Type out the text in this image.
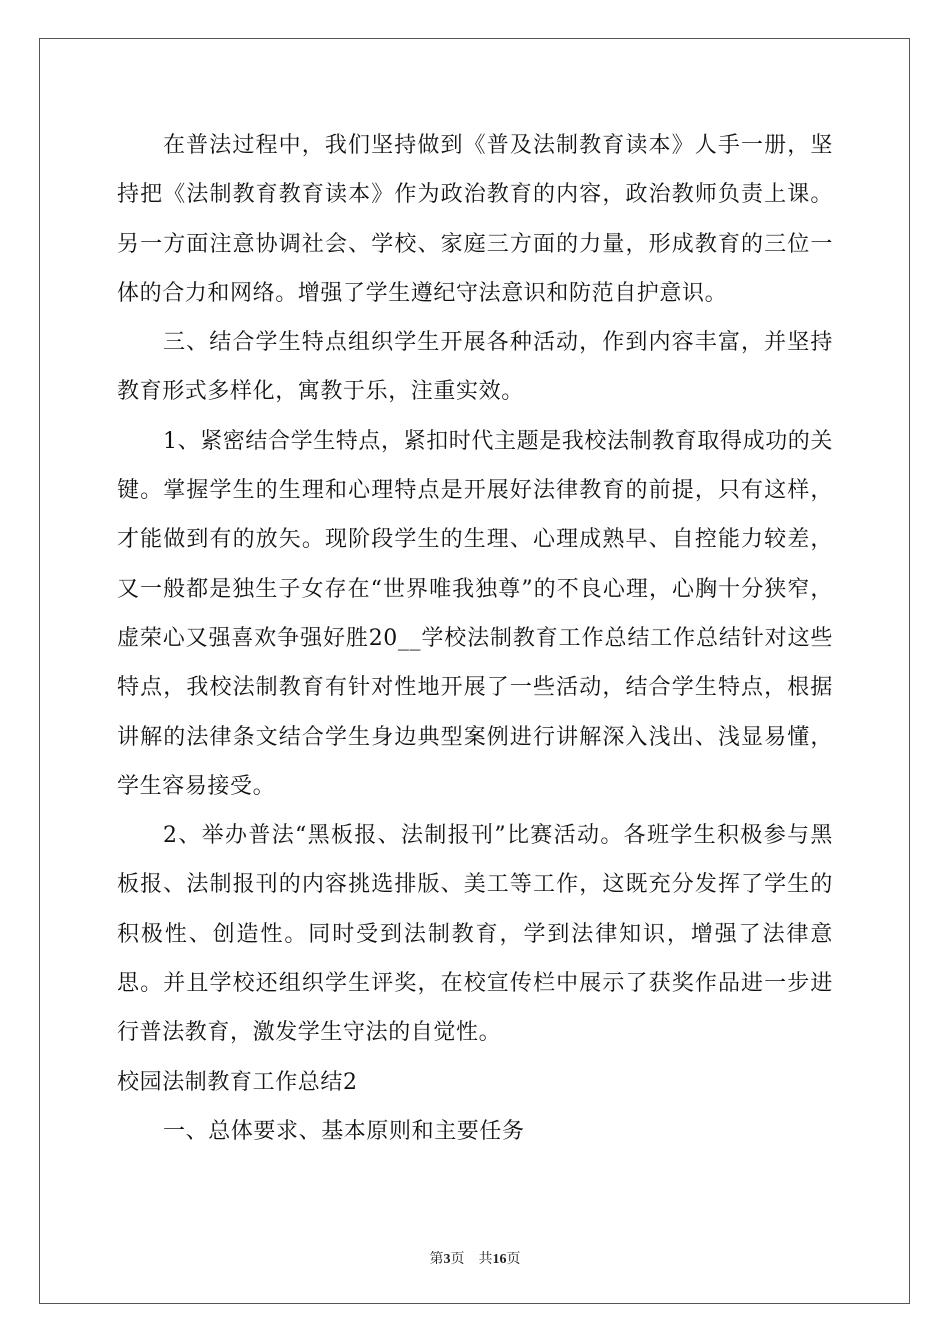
在普法过程中，我们坚持做到《普及法制教育读本》人手一册，坚持把《法制教育教育读本》作为政治教育的内容，政治教师负责上课。另一方面注意协调社会、学校、家庭三方面的力量，形成教育的三位一体的合力和网络。增强了学生遵纪守法意识和防范自护意识。

三、结合学生特点组织学生开展各种活动，作到内容丰富，并坚持教育形式多样化，寓教于乐，注重实效。

1、紧密结合学生特点，紧扣时代主题是我校法制教育取得成功的关键。掌握学生的生理和心理特点是开展好法律教育的前提，只有这样，才能做到有的放矢。现阶段学生的生理、心理成熟早、自控能力较差，又一般都是独生子女存在“世界唯我独尊”的不良心理，心胸十分狭窄，虚荣心又强喜欢争强好胜20__学校法制教育工作总结工作总结针对这些特点，我校法制教育有针对性地开展了一些活动，结合学生特点，根据讲解的法律条文结合学生身边典型案例进行讲解深入浅出、浅显易懂，学生容易接受。

2、举办普法“黑板报、法制报刊”比赛活动。各班学生积极参与黑板报、法制报刊的内容挑选排版、美工等工作，这既充分发挥了学生的积极性、创造性。同时受到法制教育，学到法律知识，增强了法律意思。并且学校还组织学生评奖，在校宣传栏中展示了获奖作品进一步进行普法教育，激发学生守法的自觉性。

校园法制教育工作总结2

一、总体要求、基本原则和主要任务

第3页 共16页
